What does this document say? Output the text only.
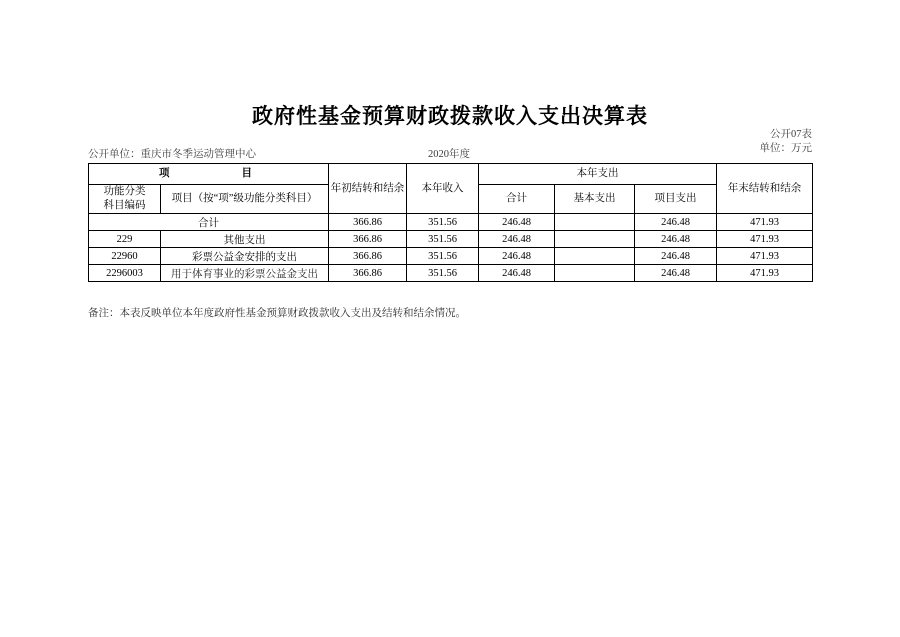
政府性基金预算财政拨款收入支出决算表
公开07表
单位：万元
公开单位：重庆市冬季运动管理中心	2020年度
项　　　　目		年初结转和结余	本年收入	本年支出			年末结转和结余

功能分类
科目编码	项目（按“项”级功能分类科目）			合计	基本支出	项目支出	
合计		366.86	351.56	246.48		246.48	471.93
229	其他支出	366.86	351.56	246.48		246.48	471.93
22960	彩票公益金安排的支出	366.86	351.56	246.48		246.48	471.93
2296003	用于体育事业的彩票公益金支出	366.86	351.56	246.48		246.48	471.93
备注：本表反映单位本年度政府性基金预算财政拨款收入支出及结转和结余情况。
